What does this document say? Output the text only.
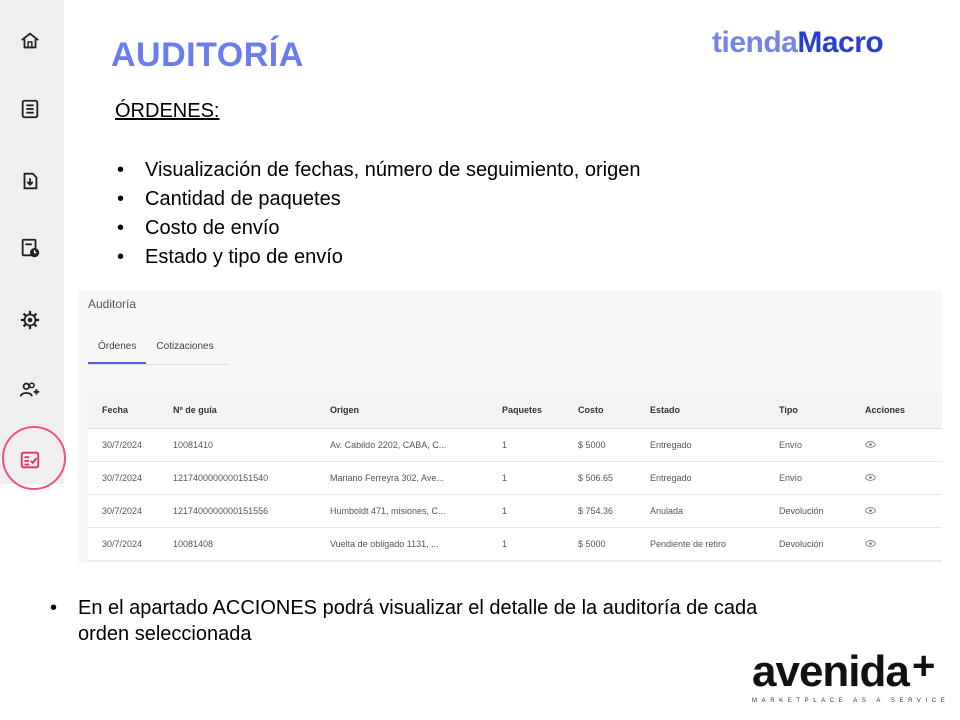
AUDITORÍA	tiendaMacro
ÓRDENES:
•	Visualización de fechas, número de seguimiento, origen
•	Cantidad de paquetes
•	Costo de envío
•	Estado y tipo de envío
Auditoría
Órdenes	Cotizaciones
Fecha	Nº de guía	Origen	Paquetes	Costo	Estado	Tipo	Acciones
30/7/2024	10081410	Av. Cabildo 2202, CABA, C...	1	$ 5000	Entregado	Envío
30/7/2024	1217400000000151540	Mariano Ferreyra 302, Ave...	1	$ 506.65	Entregado	Envío
30/7/2024	1217400000000151556	Humboldt 471, misiones, C...	1	$ 754.36	Anulada	Devolución
30/7/2024	10081408	Vuelta de obligado 1131, ...	1	$ 5000	Pendiente de retiro	Devolución
•	En el apartado ACCIONES podrá visualizar el detalle de la auditoría de cada orden seleccionada
avenida +
MARKETPLACE AS A SERVICE
